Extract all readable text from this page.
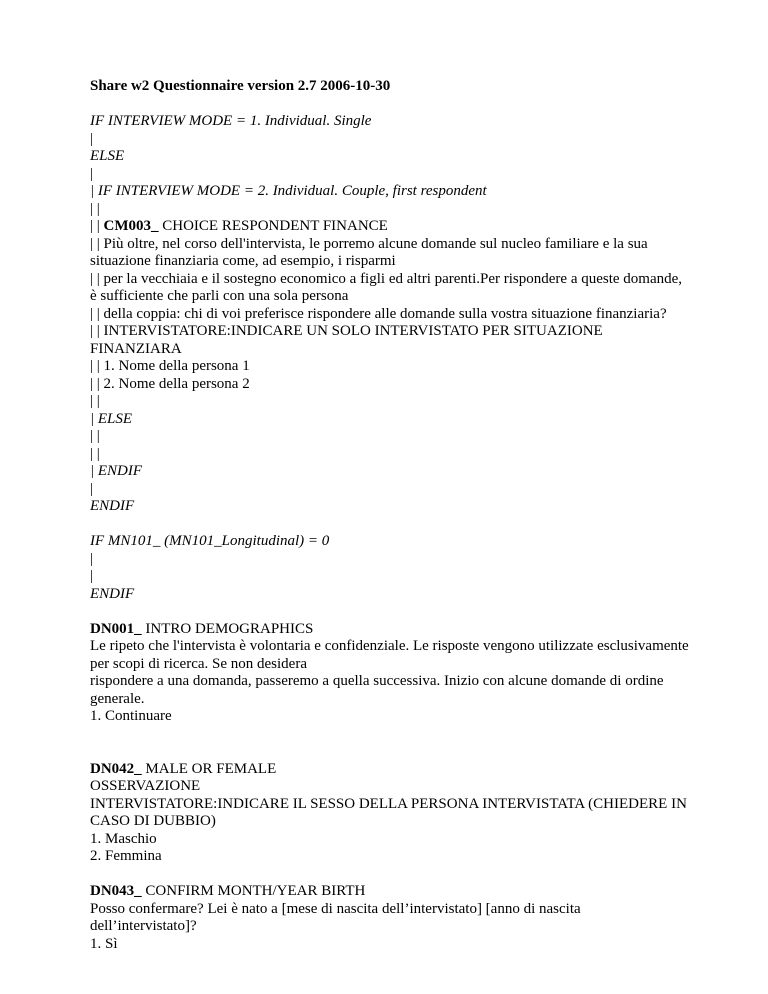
Share w2 Questionnaire version 2.7 2006-10-30
IF INTERVIEW MODE = 1. Individual. Single
|
ELSE
|
| IF INTERVIEW MODE = 2. Individual. Couple, first respondent
| |
| | CM003_ CHOICE RESPONDENT FINANCE
| | Più oltre, nel corso dell'intervista, le porremo alcune domande sul nucleo familiare e la sua situazione finanziaria come, ad esempio, i risparmi
| | per la vecchiaia e il sostegno economico a figli ed altri parenti.Per rispondere a queste domande, è sufficiente che parli con una sola persona
| | della coppia: chi di voi preferisce rispondere alle domande sulla vostra situazione finanziaria?
| | INTERVISTATORE:INDICARE UN SOLO INTERVISTATO PER SITUAZIONE FINANZIARA
| | 1. Nome della persona 1
| | 2. Nome della persona 2
| |
| ELSE
| |
| |
| ENDIF
|
ENDIF
IF MN101_ (MN101_Longitudinal) = 0
|
|
ENDIF
DN001_ INTRO DEMOGRAPHICS
Le ripeto che l'intervista è volontaria e confidenziale. Le risposte vengono utilizzate esclusivamente per scopi di ricerca. Se non desidera
rispondere a una domanda, passeremo a quella successiva. Inizio con alcune domande di ordine generale.
1. Continuare
DN042_ MALE OR FEMALE
OSSERVAZIONE
INTERVISTATORE:INDICARE IL SESSO DELLA PERSONA INTERVISTATA (CHIEDERE IN CASO DI DUBBIO)
1. Maschio
2. Femmina
DN043_ CONFIRM MONTH/YEAR BIRTH
Posso confermare? Lei è nato a [mese di nascita dell’intervistato] [anno di nascita dell’intervistato]?
1. Sì
